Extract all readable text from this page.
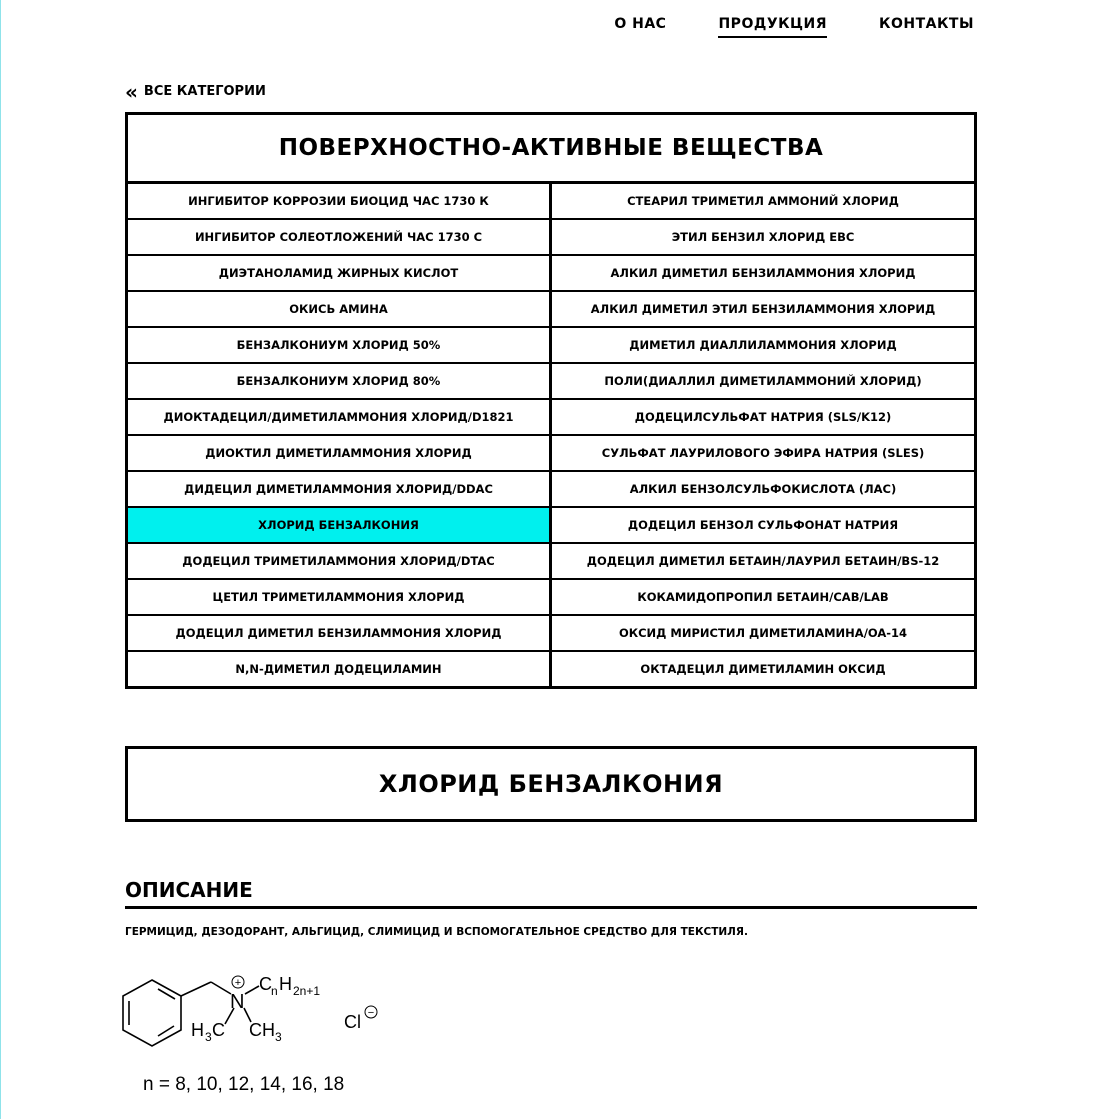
О НАС	ПРОДУКЦИЯ	КОНТАКТЫ
« ВСЕ КАТЕГОРИИ
ПОВЕРХНОСТНО-АКТИВНЫЕ ВЕЩЕСТВА
ИНГИБИТОР КОРРОЗИИ БИОЦИД ЧАС 1730 К	СТЕАРИЛ ТРИМЕТИЛ АММОНИЙ ХЛОРИД
ИНГИБИТОР СОЛЕОТЛОЖЕНИЙ ЧАС 1730 С	ЭТИЛ БЕНЗИЛ ХЛОРИД ЕВС
ДИЭТАНОЛАМИД ЖИРНЫХ КИСЛОТ	АЛКИЛ ДИМЕТИЛ БЕНЗИЛАММОНИЯ ХЛОРИД
ОКИСЬ АМИНА	АЛКИЛ ДИМЕТИЛ ЭТИЛ БЕНЗИЛАММОНИЯ ХЛОРИД
БЕНЗАЛКОНИУМ ХЛОРИД 50%	ДИМЕТИЛ ДИАЛЛИЛАММОНИЯ ХЛОРИД
БЕНЗАЛКОНИУМ ХЛОРИД 80%	ПОЛИ(ДИАЛЛИЛ ДИМЕТИЛАММОНИЙ ХЛОРИД)
ДИОКТАДЕЦИЛ/ДИМЕТИЛАММОНИЯ ХЛОРИД/D1821	ДОДЕЦИЛСУЛЬФАТ НАТРИЯ (SLS/K12)
ДИОКТИЛ ДИМЕТИЛАММОНИЯ ХЛОРИД	СУЛЬФАТ ЛАУРИЛОВОГО ЭФИРА НАТРИЯ (SLES)
ДИДЕЦИЛ ДИМЕТИЛАММОНИЯ ХЛОРИД/DDAC	АЛКИЛ БЕНЗОЛСУЛЬФОКИСЛОТА (ЛАС)
ХЛОРИД БЕНЗАЛКОНИЯ	ДОДЕЦИЛ БЕНЗОЛ СУЛЬФОНАТ НАТРИЯ
ДОДЕЦИЛ ТРИМЕТИЛАММОНИЯ ХЛОРИД/DTAC	ДОДЕЦИЛ ДИМЕТИЛ БЕТАИН/ЛАУРИЛ БЕТАИН/BS-12
ЦЕТИЛ ТРИМЕТИЛАММОНИЯ ХЛОРИД	КОКАМИДОПРОПИЛ БЕТАИН/CAB/LAB
ДОДЕЦИЛ ДИМЕТИЛ БЕНЗИЛАММОНИЯ ХЛОРИД	ОКСИД МИРИСТИЛ ДИМЕТИЛАМИНА/OA-14
N,N-ДИМЕТИЛ ДОДЕЦИЛАМИН	ОКТАДЕЦИЛ ДИМЕТИЛАМИН ОКСИД
ХЛОРИД БЕНЗАЛКОНИЯ
ОПИСАНИЕ
ГЕРМИЦИД, ДЕЗОДОРАНТ, АЛЬГИЦИД, СЛИМИЦИД И ВСПОМОГАТЕЛЬНОЕ СРЕДСТВО ДЛЯ ТЕКСТИЛЯ.
+
N
C n H 2n+1
H 3 C CH 3
Cl −
n = 8, 10, 12, 14, 16, 18
